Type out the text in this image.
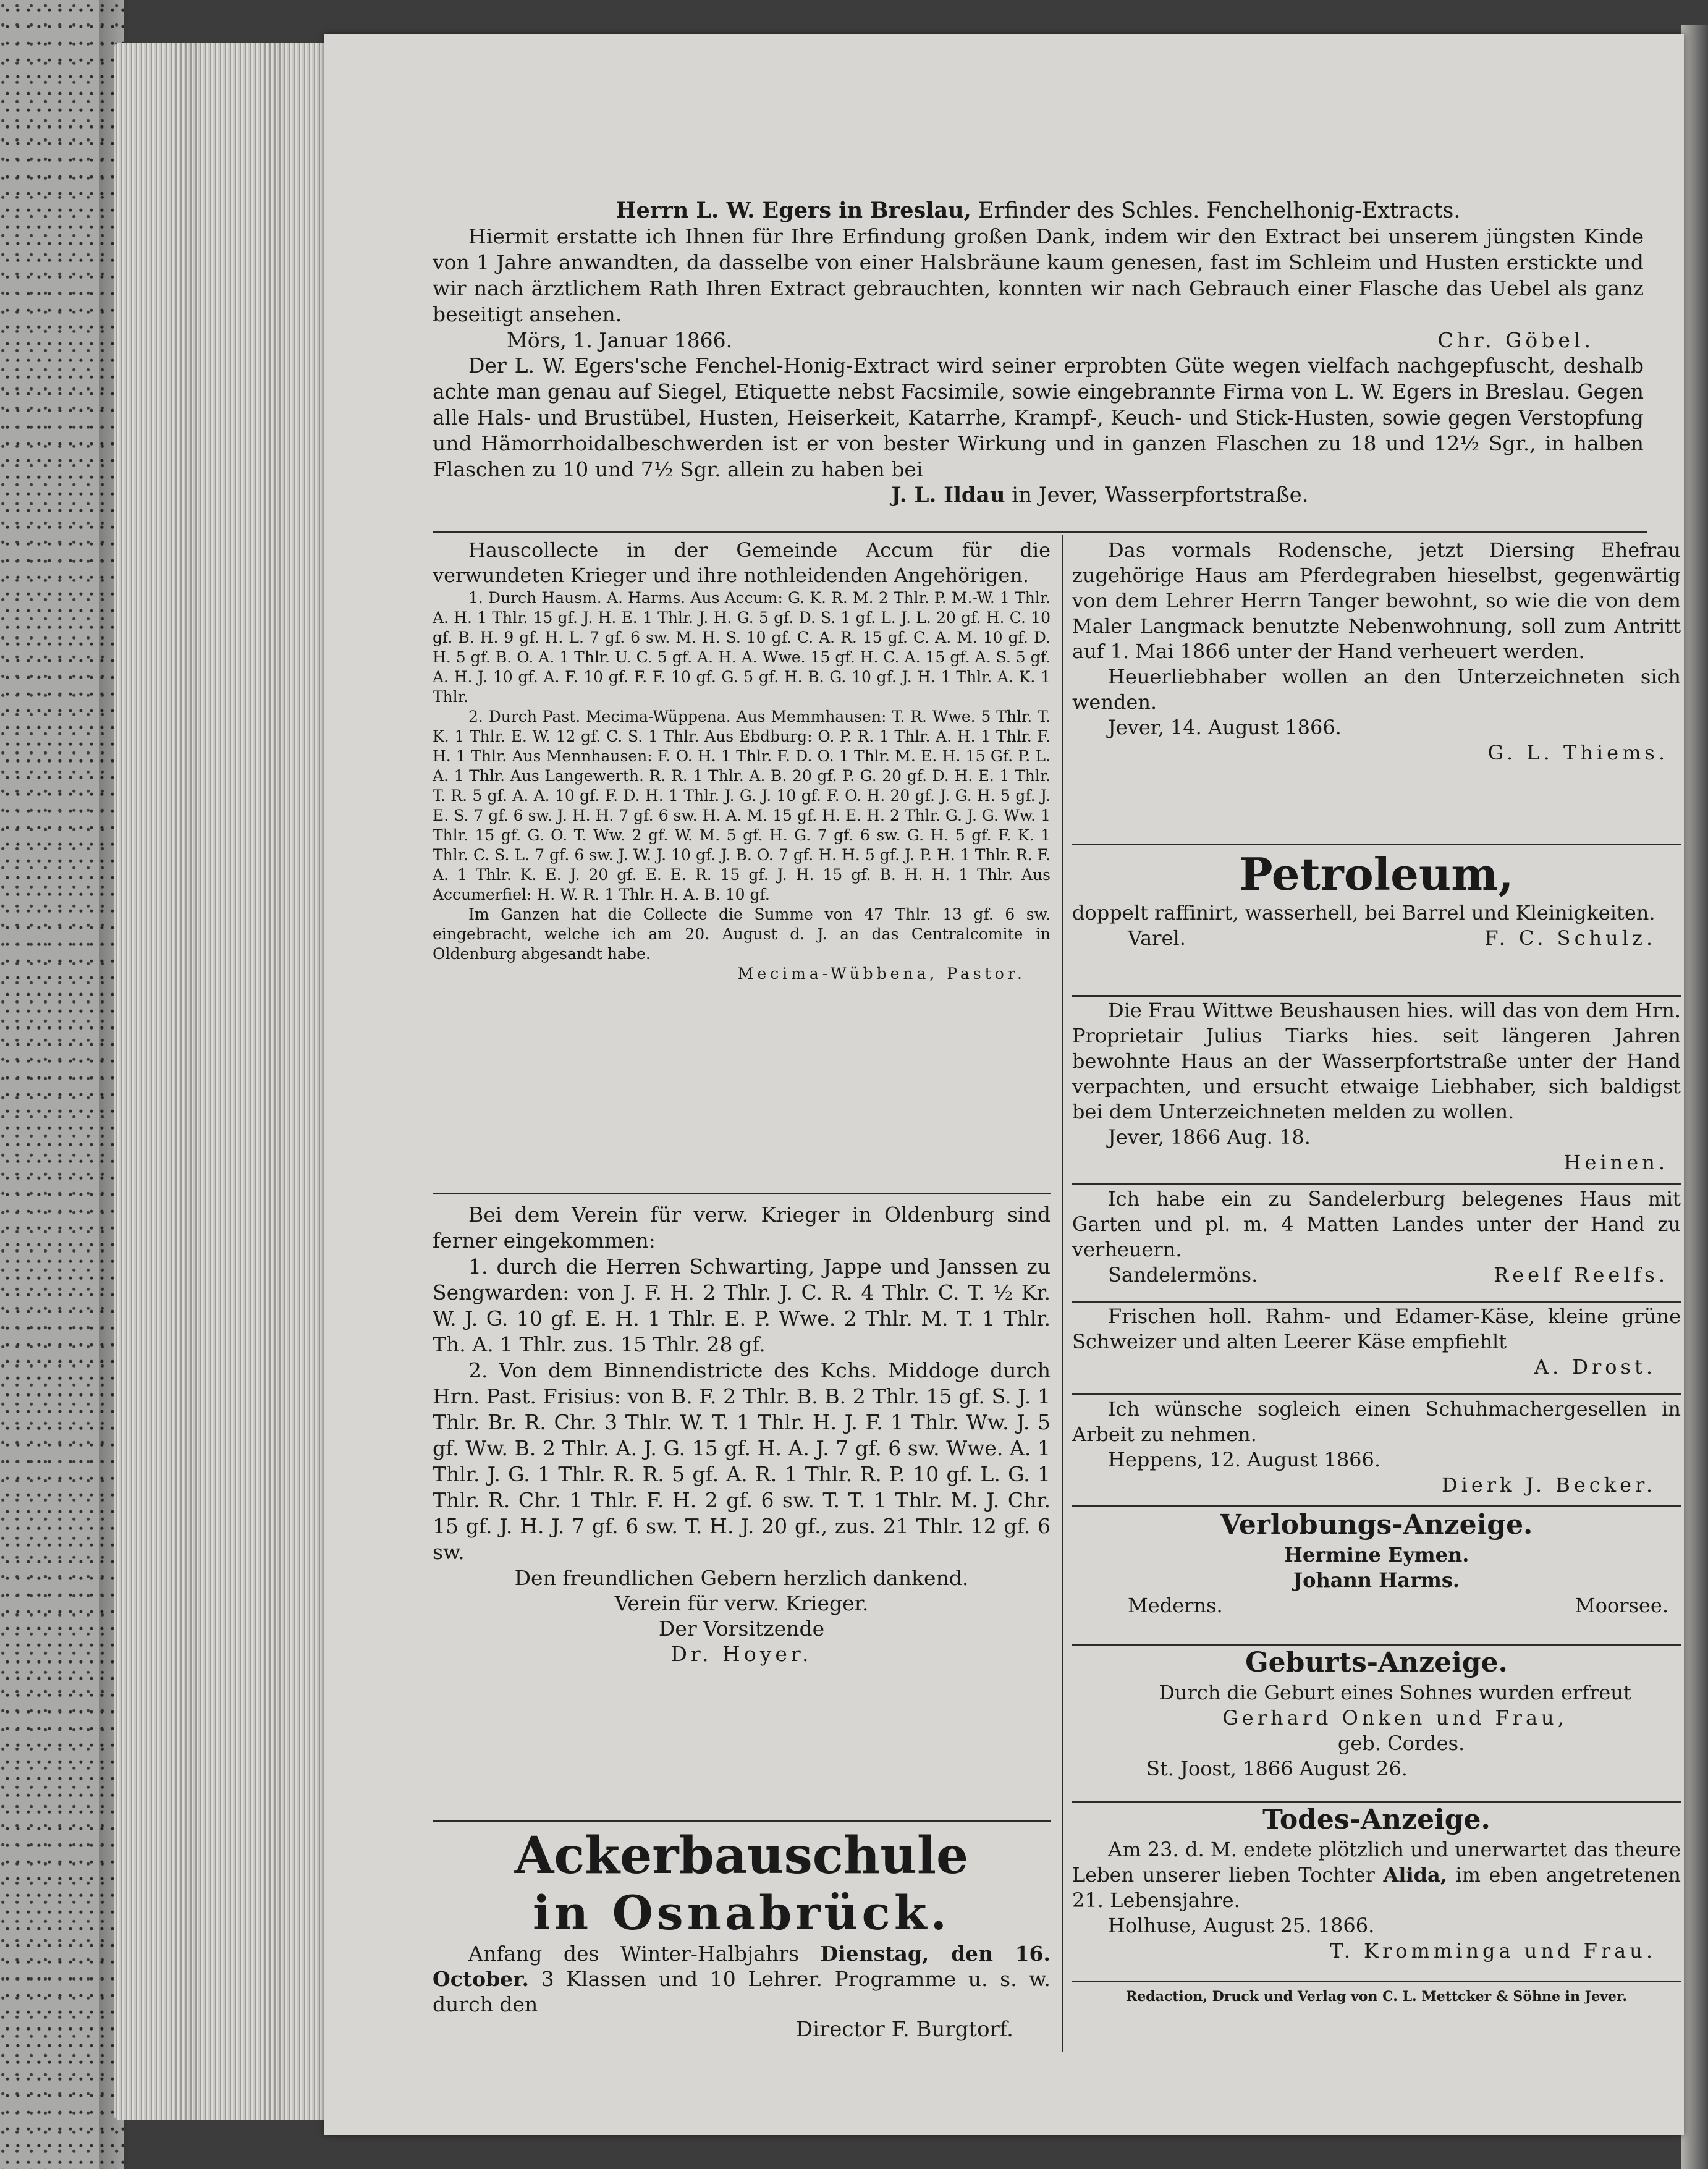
Herrn L. W. Egers in Breslau, Erfinder des Schles. Fenchelhonig-Extracts.

Hiermit erstatte ich Ihnen für Ihre Erfindung großen Dank, indem wir den Extract bei unserem jüngsten Kinde von 1 Jahre anwandten, da dasselbe von einer Halsbräune kaum genesen, fast im Schleim und Husten erstickte und wir nach ärztlichem Rath Ihren Extract gebrauchten, konnten wir nach Gebrauch einer Flasche das Uebel als ganz beseitigt ansehen.

Mörs, 1. Januar 1866.	Chr. Göbel.

Der L. W. Egers'sche Fenchel-Honig-Extract wird seiner erprobten Güte wegen vielfach nachgepfuscht, deshalb achte man genau auf Siegel, Etiquette nebst Facsimile, sowie eingebrannte Firma von L. W. Egers in Breslau. Gegen alle Hals- und Brustübel, Husten, Heiserkeit, Katarrhe, Krampf-, Keuch- und Stick-Husten, sowie gegen Verstopfung und Hämorrhoidalbeschwerden ist er von bester Wirkung und in ganzen Flaschen zu 18 und 12½ Sgr., in halben Flaschen zu 10 und 7½ Sgr. allein zu haben bei

J. L. Ildau in Jever, Wasserpfortstraße.

Hauscollecte in der Gemeinde Accum für die verwundeten Krieger und ihre nothleidenden Angehörigen.

1. Durch Hausm. A. Harms. Aus Accum: G. K. R. M. 2 Thlr. P. M.-W. 1 Thlr. A. H. 1 Thlr. 15 gf. J. H. E. 1 Thlr. J. H. G. 5 gf. D. S. 1 gf. L. J. L. 20 gf. H. C. 10 gf. B. H. 9 gf. H. L. 7 gf. 6 sw. M. H. S. 10 gf. C. A. R. 15 gf. C. A. M. 10 gf. D. H. 5 gf. B. O. A. 1 Thlr. U. C. 5 gf. A. H. A. Wwe. 15 gf. H. C. A. 15 gf. A. S. 5 gf. A. H. J. 10 gf. A. F. 10 gf. F. F. 10 gf. G. 5 gf. H. B. G. 10 gf. J. H. 1 Thlr. A. K. 1 Thlr.

2. Durch Past. Mecima-Wüppena. Aus Memmhausen: T. R. Wwe. 5 Thlr. T. K. 1 Thlr. E. W. 12 gf. C. S. 1 Thlr. Aus Ebdburg: O. P. R. 1 Thlr. A. H. 1 Thlr. F. H. 1 Thlr. Aus Mennhausen: F. O. H. 1 Thlr. F. D. O. 1 Thlr. M. E. H. 15 Gf. P. L. A. 1 Thlr. Aus Langewerth. R. R. 1 Thlr. A. B. 20 gf. P. G. 20 gf. D. H. E. 1 Thlr. T. R. 5 gf. A. A. 10 gf. F. D. H. 1 Thlr. J. G. J. 10 gf. F. O. H. 20 gf. J. G. H. 5 gf. J. E. S. 7 gf. 6 sw. J. H. H. 7 gf. 6 sw. H. A. M. 15 gf. H. E. H. 2 Thlr. G. J. G. Ww. 1 Thlr. 15 gf. G. O. T. Ww. 2 gf. W. M. 5 gf. H. G. 7 gf. 6 sw. G. H. 5 gf. F. K. 1 Thlr. C. S. L. 7 gf. 6 sw. J. W. J. 10 gf. J. B. O. 7 gf. H. H. 5 gf. J. P. H. 1 Thlr. R. F. A. 1 Thlr. K. E. J. 20 gf. E. E. R. 15 gf. J. H. 15 gf. B. H. H. 1 Thlr. Aus Accumerfiel: H. W. R. 1 Thlr. H. A. B. 10 gf.

Im Ganzen hat die Collecte die Summe von 47 Thlr. 13 gf. 6 sw. eingebracht, welche ich am 20. August d. J. an das Centralcomite in Oldenburg abgesandt habe.

Mecima-Wübbena, Pastor.

Bei dem Verein für verw. Krieger in Oldenburg sind ferner eingekommen:

1. durch die Herren Schwarting, Jappe und Janssen zu Sengwarden: von J. F. H. 2 Thlr. J. C. R. 4 Thlr. C. T. ½ Kr. W. J. G. 10 gf. E. H. 1 Thlr. E. P. Wwe. 2 Thlr. M. T. 1 Thlr. Th. A. 1 Thlr. zus. 15 Thlr. 28 gf.

2. Von dem Binnendistricte des Kchs. Middoge durch Hrn. Past. Frisius: von B. F. 2 Thlr. B. B. 2 Thlr. 15 gf. S. J. 1 Thlr. Br. R. Chr. 3 Thlr. W. T. 1 Thlr. H. J. F. 1 Thlr. Ww. J. 5 gf. Ww. B. 2 Thlr. A. J. G. 15 gf. H. A. J. 7 gf. 6 sw. Wwe. A. 1 Thlr. J. G. 1 Thlr. R. R. 5 gf. A. R. 1 Thlr. R. P. 10 gf. L. G. 1 Thlr. R. Chr. 1 Thlr. F. H. 2 gf. 6 sw. T. T. 1 Thlr. M. J. Chr. 15 gf. J. H. J. 7 gf. 6 sw. T. H. J. 20 gf., zus. 21 Thlr. 12 gf. 6 sw.

Den freundlichen Gebern herzlich dankend.

Verein für verw. Krieger.

Der Vorsitzende

Dr. Hoyer.

Ackerbauschule

in Osnabrück.

Anfang des Winter-Halbjahrs Dienstag, den 16. October. 3 Klassen und 10 Lehrer. Programme u. s. w. durch den

Director F. Burgtorf.

Das vormals Rodensche, jetzt Diersing Ehefrau zugehörige Haus am Pferdegraben hieselbst, gegenwärtig von dem Lehrer Herrn Tanger bewohnt, so wie die von dem Maler Langmack benutzte Nebenwohnung, soll zum Antritt auf 1. Mai 1866 unter der Hand verheuert werden.

Heuerliebhaber wollen an den Unterzeichneten sich wenden.

Jever, 14. August 1866.

G. L. Thiems.

Petroleum,

doppelt raffinirt, wasserhell, bei Barrel und Kleinigkeiten.

Varel.	F. C. Schulz.

Die Frau Wittwe Beushausen hies. will das von dem Hrn. Proprietair Julius Tiarks hies. seit längeren Jahren bewohnte Haus an der Wasserpfortstraße unter der Hand verpachten, und ersucht etwaige Liebhaber, sich baldigst bei dem Unterzeichneten melden zu wollen.

Jever, 1866 Aug. 18.

Heinen.

Ich habe ein zu Sandelerburg belegenes Haus mit Garten und pl. m. 4 Matten Landes unter der Hand zu verheuern.

Sandelermöns.	Reelf Reelfs.

Frischen holl. Rahm- und Edamer-Käse, kleine grüne Schweizer und alten Leerer Käse empfiehlt

A. Drost.

Ich wünsche sogleich einen Schuhmachergesellen in Arbeit zu nehmen.

Heppens, 12. August 1866.

Dierk J. Becker.

Verlobungs-Anzeige.

Hermine Eymen.

Johann Harms.

Mederns.	Moorsee.

Geburts-Anzeige.

Durch die Geburt eines Sohnes wurden erfreut

Gerhard Onken und Frau,

geb. Cordes.

St. Joost, 1866 August 26.

Todes-Anzeige.

Am 23. d. M. endete plötzlich und unerwartet das theure Leben unserer lieben Tochter Alida, im eben angetretenen 21. Lebensjahre.

Holhuse, August 25. 1866.

T. Kromminga und Frau.

Redaction, Druck und Verlag von C. L. Mettcker & Söhne in Jever.
